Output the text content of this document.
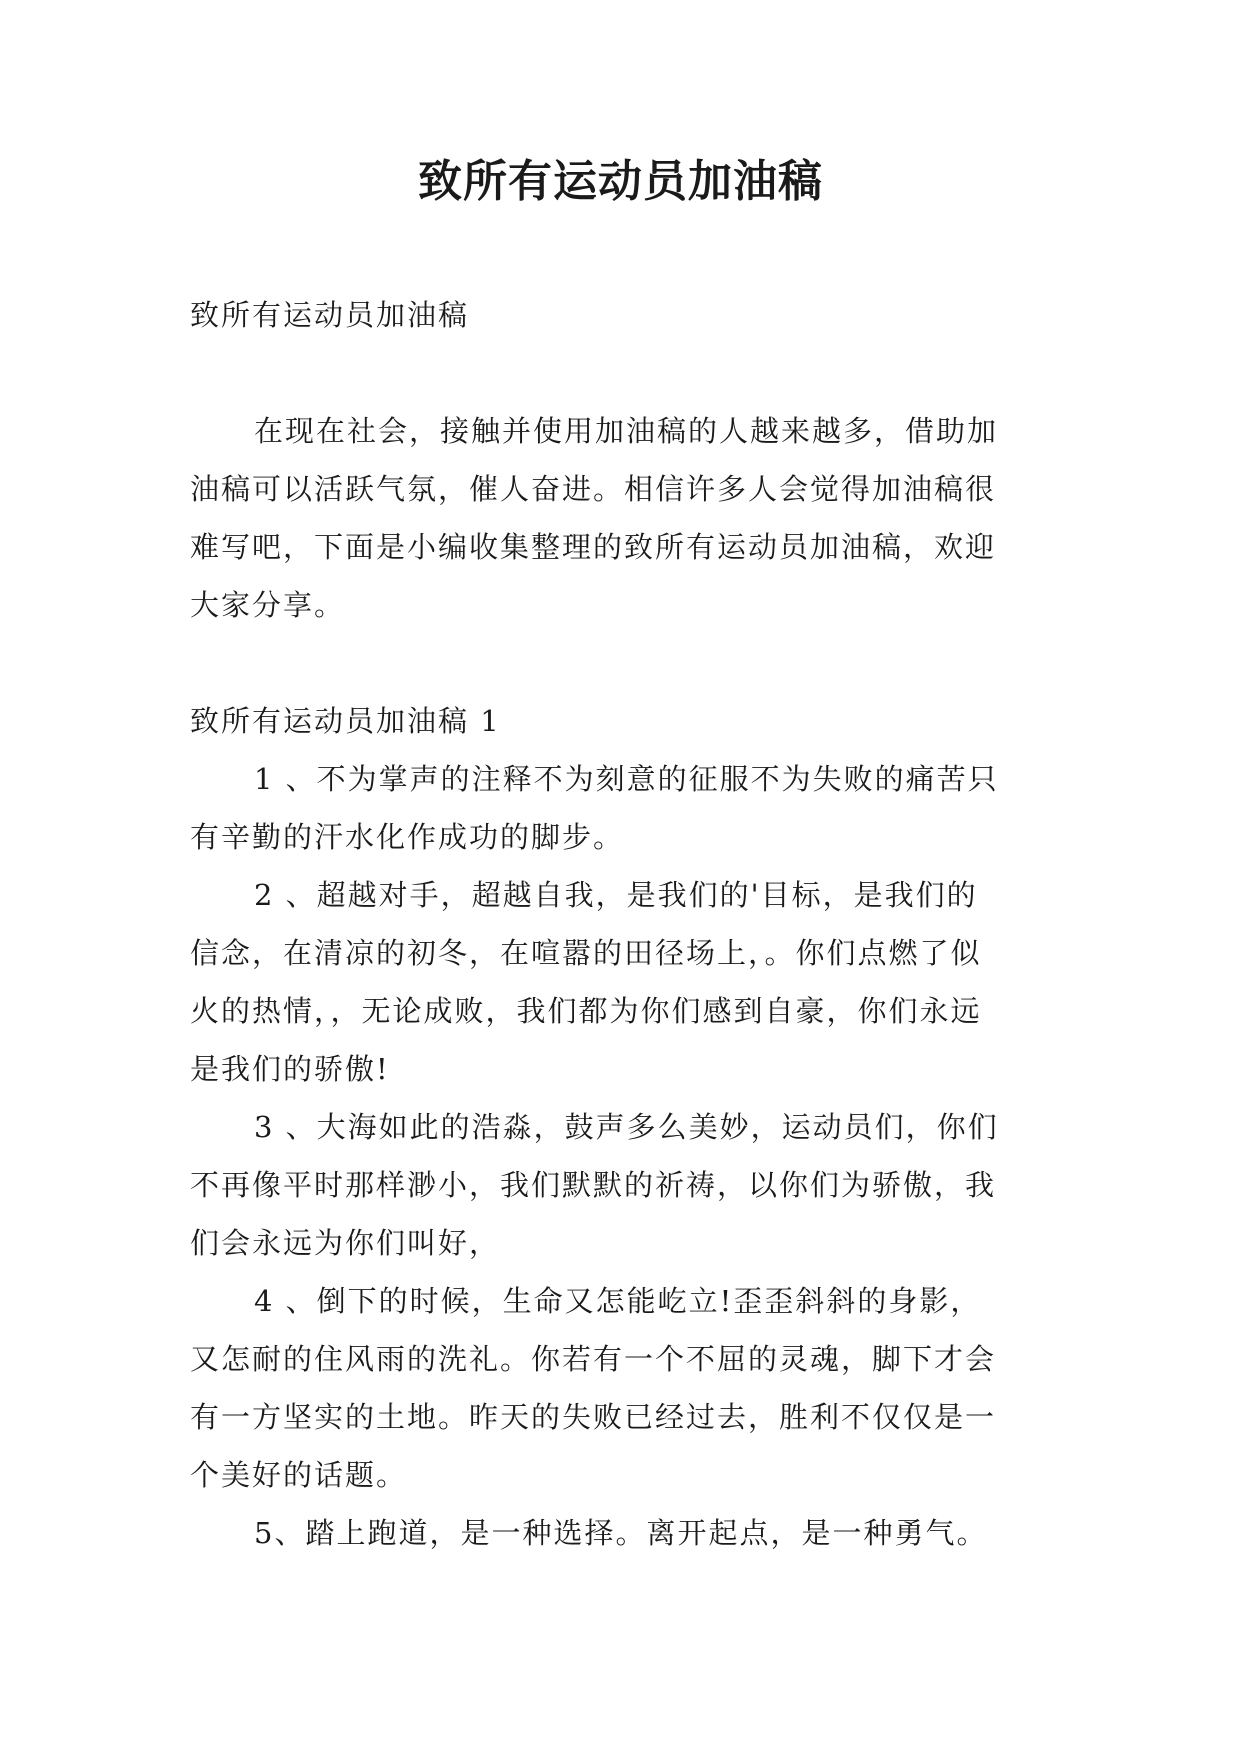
致所有运动员加油稿
致所有运动员加油稿
在现在社会，接触并使用加油稿的人越来越多，借助加
油稿可以活跃气氛，催人奋进。相信许多人会觉得加油稿很
难写吧，下面是小编收集整理的致所有运动员加油稿，欢迎
大家分享。
致所有运动员加油稿 1
1 、不为掌声的注释不为刻意的征服不为失败的痛苦只
有辛勤的汗水化作成功的脚步。
2 、超越对手，超越自我，是我们的'目标，是我们的
信念，在清凉的初冬，在喧嚣的田径场上，。你们点燃了似
火的热情，，无论成败，我们都为你们感到自豪，你们永远
是我们的骄傲!
3 、大海如此的浩淼，鼓声多么美妙，运动员们，你们
不再像平时那样渺小，我们默默的祈祷，以你们为骄傲，我
们会永远为你们叫好，
4 、倒下的时候，生命又怎能屹立!歪歪斜斜的身影，
又怎耐的住风雨的洗礼。你若有一个不屈的灵魂，脚下才会
有一方坚实的土地。昨天的失败已经过去，胜利不仅仅是一
个美好的话题。
5、踏上跑道，是一种选择。离开起点，是一种勇气。
